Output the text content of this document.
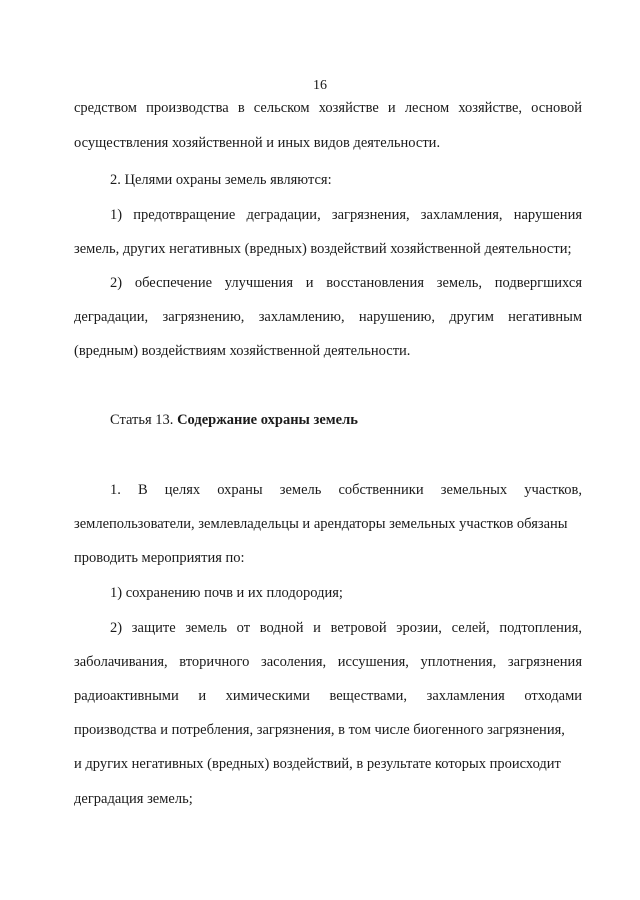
16
средством производства в сельском хозяйстве и лесном хозяйстве, основой
осуществления хозяйственной и иных видов деятельности.
2. Целями охраны земель являются:
1) предотвращение деградации, загрязнения, захламления, нарушения
земель, других негативных (вредных) воздействий хозяйственной деятельности;
2) обеспечение улучшения и восстановления земель, подвергшихся
деградации, загрязнению, захламлению, нарушению, другим негативным
(вредным) воздействиям хозяйственной деятельности.
Статья 13. Содержание охраны земель
1. В целях охраны земель собственники земельных участков,
землепользователи, землевладельцы и арендаторы земельных участков обязаны
проводить мероприятия по:
1) сохранению почв и их плодородия;
2) защите земель от водной и ветровой эрозии, селей, подтопления,
заболачивания, вторичного засоления, иссушения, уплотнения, загрязнения
радиоактивными и химическими веществами, захламления отходами
производства и потребления, загрязнения, в том числе биогенного загрязнения,
и других негативных (вредных) воздействий, в результате которых происходит
деградация земель;
